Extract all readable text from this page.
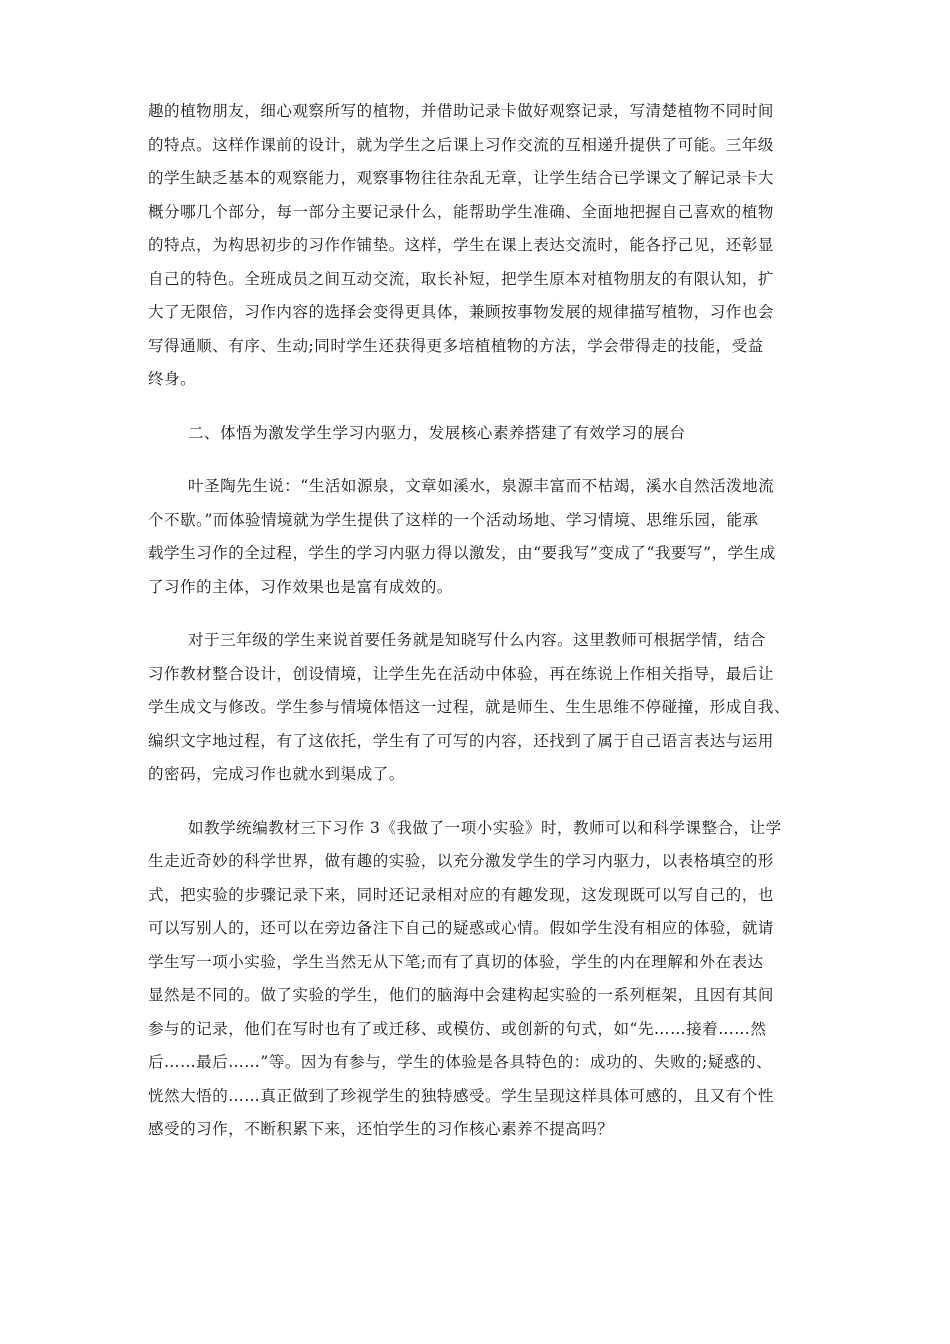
趣的植物朋友，细心观察所写的植物，并借助记录卡做好观察记录，写清楚植物不同时间
的特点。这样作课前的设计，就为学生之后课上习作交流的互相递升提供了可能。三年级
的学生缺乏基本的观察能力，观察事物往往杂乱无章，让学生结合已学课文了解记录卡大
概分哪几个部分，每一部分主要记录什么，能帮助学生准确、全面地把握自己喜欢的植物
的特点，为构思初步的习作作铺垫。这样，学生在课上表达交流时，能各抒己见，还彰显
自己的特色。全班成员之间互动交流，取长补短，把学生原本对植物朋友的有限认知，扩
大了无限倍，习作内容的选择会变得更具体，兼顾按事物发展的规律描写植物，习作也会
写得通顺、有序、生动;同时学生还获得更多培植植物的方法，学会带得走的技能，受益
终身。
二、体悟为激发学生学习内驱力，发展核心素养搭建了有效学习的展台
叶圣陶先生说：“生活如源泉，文章如溪水，泉源丰富而不枯竭，溪水自然活泼地流
个不歇。”而体验情境就为学生提供了这样的一个活动场地、学习情境、思维乐园，能承
载学生习作的全过程，学生的学习内驱力得以激发，由“要我写”变成了“我要写”，学生成
了习作的主体，习作效果也是富有成效的。
对于三年级的学生来说首要任务就是知晓写什么内容。这里教师可根据学情，结合
习作教材整合设计，创设情境，让学生先在活动中体验，再在练说上作相关指导，最后让
学生成文与修改。学生参与情境体悟这一过程，就是师生、生生思维不停碰撞，形成自我、
编织文字地过程，有了这依托，学生有了可写的内容，还找到了属于自己语言表达与运用
的密码，完成习作也就水到渠成了。
如教学统编教材三下习作 3《我做了一项小实验》时，教师可以和科学课整合，让学
生走近奇妙的科学世界，做有趣的实验，以充分激发学生的学习内驱力，以表格填空的形
式，把实验的步骤记录下来，同时还记录相对应的有趣发现，这发现既可以写自己的，也
可以写别人的，还可以在旁边备注下自己的疑惑或心情。假如学生没有相应的体验，就请
学生写一项小实验，学生当然无从下笔;而有了真切的体验，学生的内在理解和外在表达
显然是不同的。做了实验的学生，他们的脑海中会建构起实验的一系列框架，且因有其间
参与的记录，他们在写时也有了或迁移、或模仿、或创新的句式，如“先……接着……然
后……最后……”等。因为有参与，学生的体验是各具特色的：成功的、失败的;疑惑的、
恍然大悟的……真正做到了珍视学生的独特感受。学生呈现这样具体可感的，且又有个性
感受的习作，不断积累下来，还怕学生的习作核心素养不提高吗？
